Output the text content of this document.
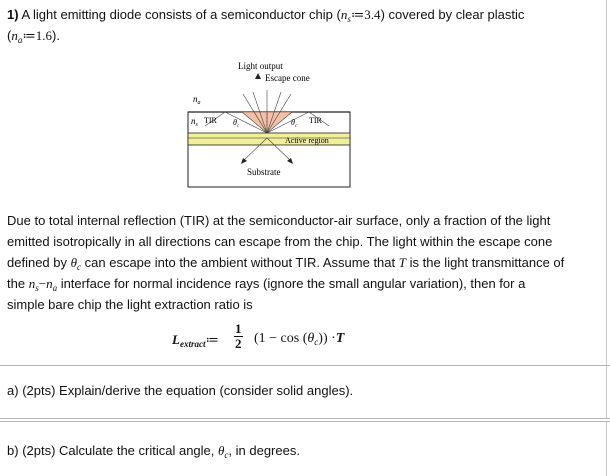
1) A light emitting diode consists of a semiconductor chip $(n_s≔3.4)$ covered by clear plastic
$(n_a≔1.6)$.
Light output
Escape cone
$n_a$
$n_s$ TIR $\theta_c$	$\theta_c$
TIR
Active region
Substrate
Due to total internal reflection (TIR) at the semiconductor-air surface, only a fraction of the light
emitted isotropically in all directions can escape from the chip. The light within the escape cone
defined by $\theta_c$ can escape into the ambient without TIR. Assume that T is the light transmittance of
the $n_s-n_a$ interface for normal incidence rays (ignore the small angular variation), then for a
simple bare chip the light extraction ratio is
$L_{extract}≔ \frac{1}{2} (1 - \cos (\theta_c)) \cdot T$
a) (2pts) Explain/derive the equation (consider solid angles).
b) (2pts) Calculate the critical angle, $\theta_c$, in degrees.
